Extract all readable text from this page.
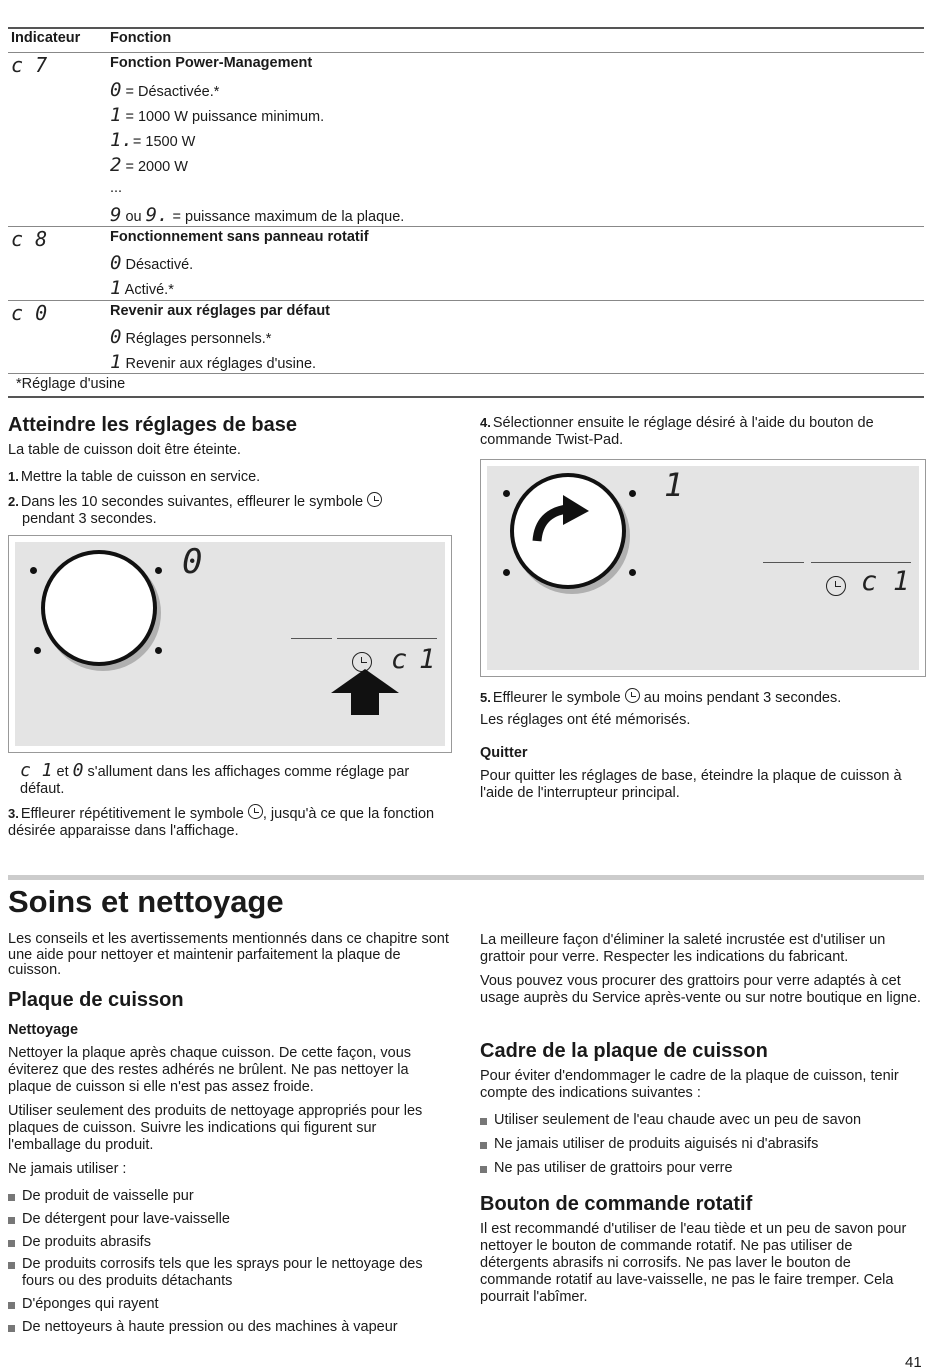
Indicateur Fonction
c 7	Fonction Power-Management
0 = Désactivée.*
1 = 1000 W puissance minimum.
1.= 1500 W
2 = 2000 W
...
9 ou 9. = puissance maximum de la plaque.
c 8	Fonctionnement sans panneau rotatif
0 Désactivé.
1 Activé.*
c 0	Revenir aux réglages par défaut
0 Réglages personnels.*
1 Revenir aux réglages d'usine.
*Réglage d'usine
Atteindre les réglages de base

La table de cuisson doit être éteinte.

1. Mettre la table de cuisson en service.
2. Dans les 10 secondes suivantes, effleurer le symbole
pendant 3 secondes.
0
c 1
c 1 et 0 s'allument dans les affichages comme réglage par défaut.
3. Effleurer répétitivement le symbole , jusqu'à ce que la fonction désirée apparaisse dans l'affichage.
4. Sélectionner ensuite le réglage désiré à l'aide du bouton de commande Twist-Pad.
1
c 1
5. Effleurer le symbole au moins pendant 3 secondes.

Les réglages ont été mémorisés.

Quitter

Pour quitter les réglages de base, éteindre la plaque de cuisson à l'aide de l'interrupteur principal.

Soins et nettoyage

Les conseils et les avertissements mentionnés dans ce chapitre sont une aide pour nettoyer et maintenir parfaitement la plaque de cuisson.

Plaque de cuisson
Nettoyage

Nettoyer la plaque après chaque cuisson. De cette façon, vous éviterez que des restes adhérés ne brûlent. Ne pas nettoyer la plaque de cuisson si elle n'est pas assez froide.

Utiliser seulement des produits de nettoyage appropriés pour les plaques de cuisson. Suivre les indications qui figurent sur l'emballage du produit.

Ne jamais utiliser :

De produit de vaisselle pur
De détergent pour lave-vaisselle
De produits abrasifs
De produits corrosifs tels que les sprays pour le nettoyage des fours ou des produits détachants
D'éponges qui rayent
De nettoyeurs à haute pression ou des machines à vapeur

La meilleure façon d'éliminer la saleté incrustée est d'utiliser un grattoir pour verre. Respecter les indications du fabricant.

Vous pouvez vous procurer des grattoirs pour verre adaptés à cet usage auprès du Service après-vente ou sur notre boutique en ligne.

Cadre de la plaque de cuisson

Pour éviter d'endommager le cadre de la plaque de cuisson, tenir compte des indications suivantes :

Utiliser seulement de l'eau chaude avec un peu de savon
Ne jamais utiliser de produits aiguisés ni d'abrasifs
Ne pas utiliser de grattoirs pour verre
Bouton de commande rotatif

Il est recommandé d'utiliser de l'eau tiède et un peu de savon pour nettoyer le bouton de commande rotatif. Ne pas utiliser de détergents abrasifs ni corrosifs. Ne pas laver le bouton de commande rotatif au lave-vaisselle, ne pas le faire tremper. Cela pourrait l'abîmer.

41
